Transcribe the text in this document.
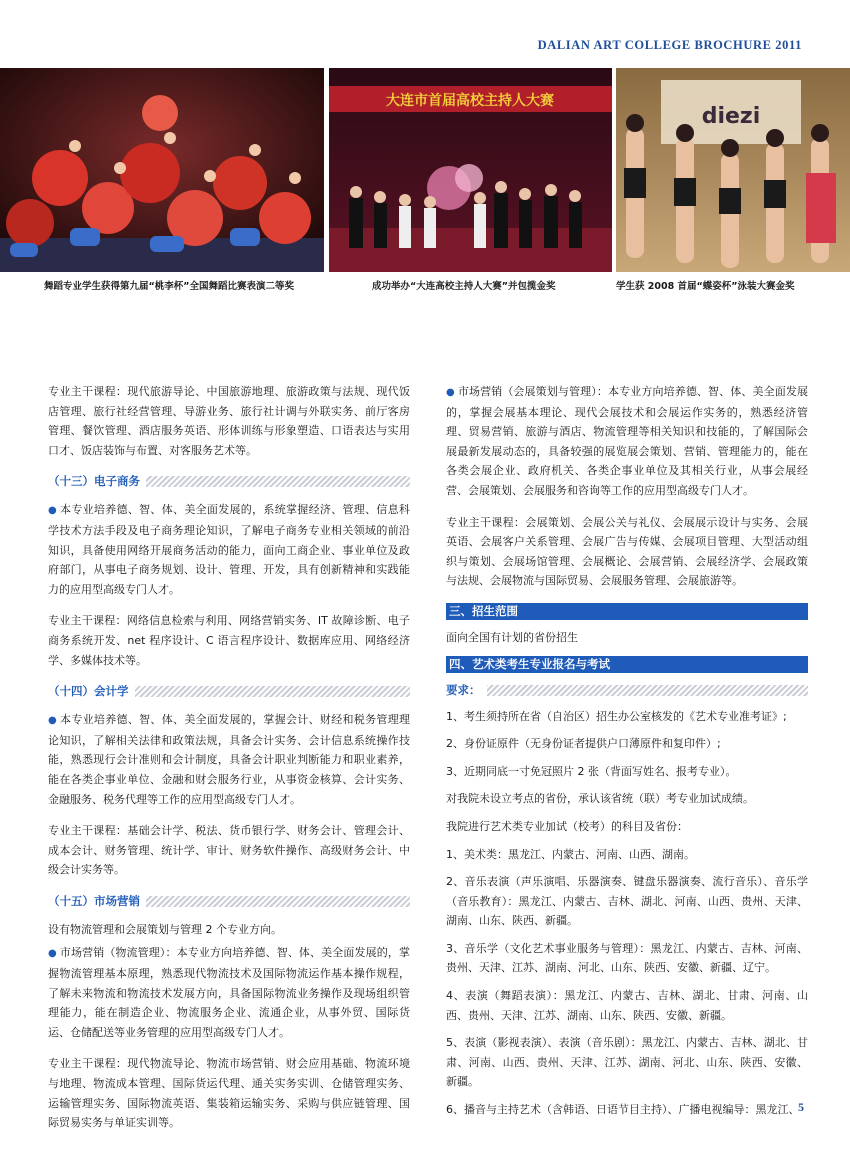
DALIAN ART COLLEGE BROCHURE 2011
大连市首届高校主持人大赛
diezi
舞蹈专业学生获得第九届“桃李杯”全国舞蹈比赛表演二等奖	成功举办“大连高校主持人大赛”并包揽金奖	学生获 2008 首届“蝶姿杯”泳装大赛金奖

专业主干课程：现代旅游导论、中国旅游地理、旅游政策与法规、现代饭店管理、旅行社经营管理、导游业务、旅行社计调与外联实务、前厅客房管理、餐饮管理、酒店服务英语、形体训练与形象塑造、口语表达与实用口才、饭店装饰与布置、对客服务艺术等。

（十三）电子商务

● 本专业培养德、智、体、美全面发展的，系统掌握经济、管理、信息科学技术方法手段及电子商务理论知识，了解电子商务专业相关领域的前沿知识，具备使用网络开展商务活动的能力，面向工商企业、事业单位及政府部门，从事电子商务规划、设计、管理、开发，具有创新精神和实践能力的应用型高级专门人才。

专业主干课程：网络信息检索与利用、网络营销实务、IT 故障诊断、电子商务系统开发、net 程序设计、C 语言程序设计、数据库应用、网络经济学、多媒体技术等。

（十四）会计学

● 本专业培养德、智、体、美全面发展的，掌握会计、财经和税务管理理论知识，了解相关法律和政策法规，具备会计实务、会计信息系统操作技能，熟悉现行会计准则和会计制度，具备会计职业判断能力和职业素养，能在各类企事业单位、金融和财会服务行业，从事资金核算、会计实务、金融服务、税务代理等工作的应用型高级专门人才。

专业主干课程：基础会计学、税法、货币银行学、财务会计、管理会计、成本会计、财务管理、统计学、审计、财务软件操作、高级财务会计、中级会计实务等。

（十五）市场营销

设有物流管理和会展策划与管理 2 个专业方向。

● 市场营销（物流管理）：本专业方向培养德、智、体、美全面发展的，掌握物流管理基本原理，熟悉现代物流技术及国际物流运作基本操作规程，了解未来物流和物流技术发展方向，具备国际物流业务操作及现场组织管理能力，能在制造企业、物流服务企业、流通企业，从事外贸、国际货运、仓储配送等业务管理的应用型高级专门人才。

专业主干课程：现代物流导论、物流市场营销、财会应用基础、物流环境与地理、物流成本管理、国际货运代理、通关实务实训、仓储管理实务、运输管理实务、国际物流英语、集装箱运输实务、采购与供应链管理、国际贸易实务与单证实训等。

● 市场营销（会展策划与管理）：本专业方向培养德、智、体、美全面发展的，掌握会展基本理论、现代会展技术和会展运作实务的，熟悉经济管理、贸易营销、旅游与酒店、物流管理等相关知识和技能的，了解国际会展最新发展动态的，具备较强的展览展会策划、营销、管理能力的，能在各类会展企业、政府机关、各类企事业单位及其相关行业，从事会展经营、会展策划、会展服务和咨询等工作的应用型高级专门人才。

专业主干课程：会展策划、会展公关与礼仪、会展展示设计与实务、会展英语、会展客户关系管理、会展广告与传媒、会展项目管理、大型活动组织与策划、会展场馆管理、会展概论、会展营销、会展经济学、会展政策与法规、会展物流与国际贸易、会展服务管理、会展旅游等。

三、招生范围

面向全国有计划的省份招生

四、艺术类考生专业报名与考试
要求：

1、考生须持所在省（自治区）招生办公室核发的《艺术专业准考证》;

2、身份证原件（无身份证者提供户口薄原件和复印件）;

3、近期同底一寸免冠照片 2 张（背面写姓名、报考专业）。

对我院未设立考点的省份，承认该省统（联）考专业加试成绩。

我院进行艺术类专业加试（校考）的科目及省份：

1、美术类：黑龙江、内蒙古、河南、山西、湖南。

2、音乐表演（声乐演唱、乐器演奏、键盘乐器演奏、流行音乐）、音乐学（音乐教育）：黑龙江、内蒙古、吉林、湖北、河南、山西、贵州、天津、湖南、山东、陕西、新疆。

3、音乐学（文化艺术事业服务与管理）：黑龙江、内蒙古、吉林、河南、贵州、天津、江苏、湖南、河北、山东、陕西、安徽、新疆、辽宁。

4、表演（舞蹈表演）：黑龙江、内蒙古、吉林、湖北、甘肃、河南、山西、贵州、天津、江苏、湖南、山东、陕西、安徽、新疆。

5、表演（影视表演）、表演（音乐剧）：黑龙江、内蒙古、吉林、湖北、甘肃、河南、山西、贵州、天津、江苏、湖南、河北、山东、陕西、安徽、新疆。

6、播音与主持艺术（含韩语、日语节目主持）、广播电视编导：黑龙江、

5
